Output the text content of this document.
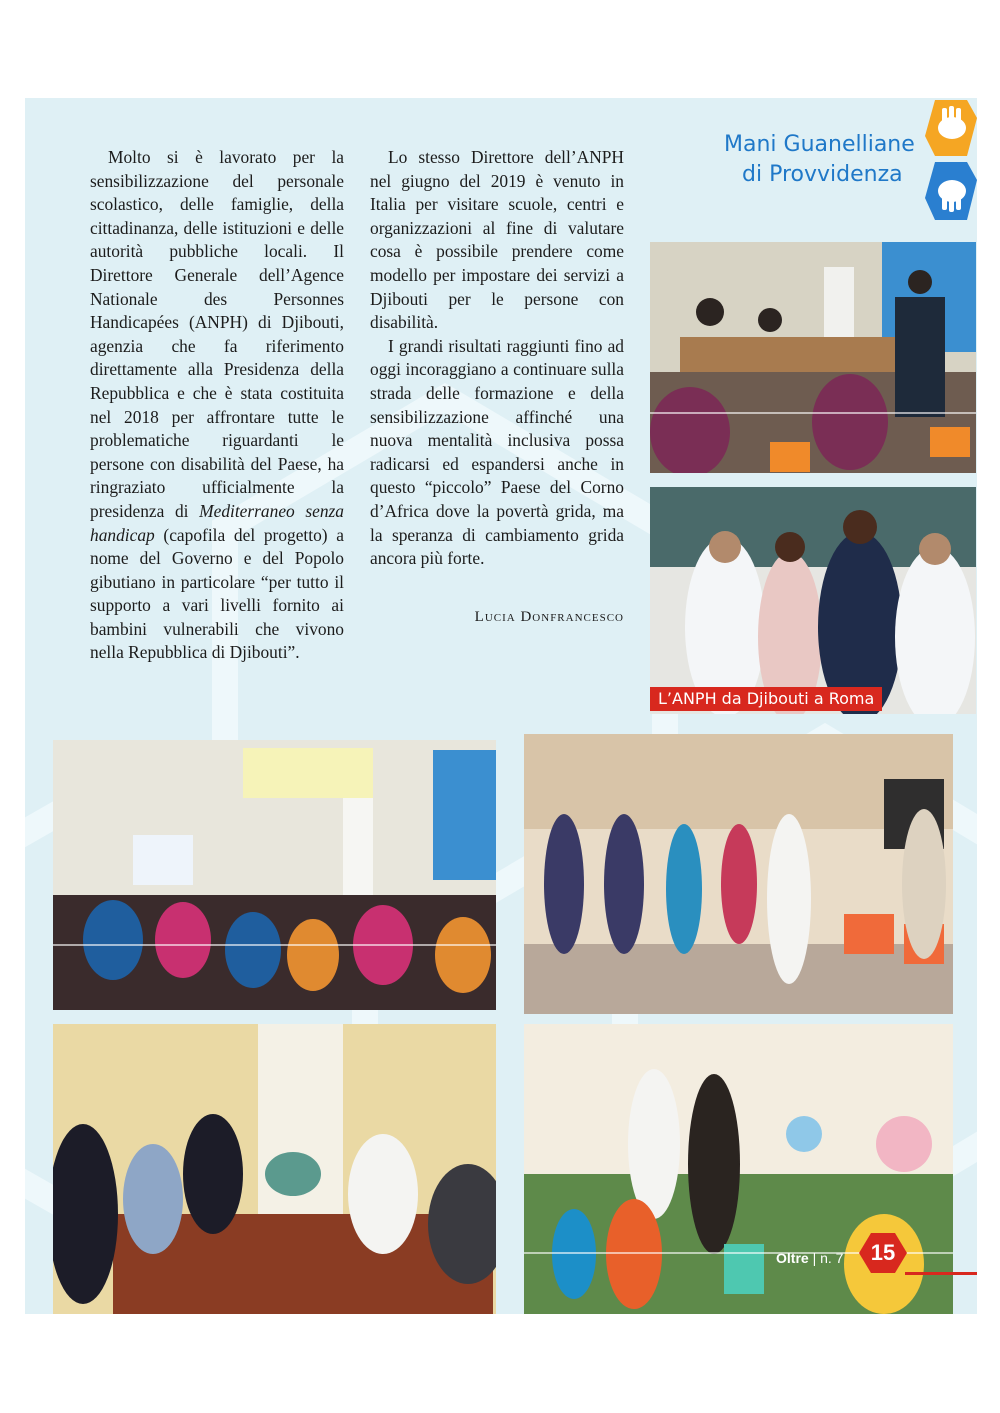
Mani Guanelliane
di Provvidenza

Molto si è lavorato per la sensibilizzazione del personale scolastico, delle famiglie, della cittadinanza, delle istituzioni e delle autorità pubbliche locali. Il Direttore Generale dell’Agence Nationale des Personnes Handicapées (ANPH) di Djibouti, agenzia che fa riferimento direttamente alla Presidenza della Repubblica e che è stata costituita nel 2018 per affrontare tutte le problematiche riguardanti le persone con disabilità del Paese, ha ringraziato ufficialmente la presidenza di Mediterraneo senza handicap (capofila del progetto) a nome del Governo e del Popolo gibutiano in particolare “per tutto il supporto a vari livelli fornito ai bambini vulnerabili che vivono nella Repubblica di Djibouti”.

Lo stesso Direttore dell’ANPH nel giugno del 2019 è venuto in Italia per visitare scuole, centri e organizzazioni al fine di valutare cosa è possibile prendere come modello per impostare dei servizi a Djibouti per le persone con disabilità.

I grandi risultati raggiunti fino ad oggi incoraggiano a continuare sulla strada delle formazione e della sensibilizzazione affinché una nuova mentalità inclusiva possa radicarsi ed espandersi anche in questo “piccolo” Paese del Corno d’Africa dove la povertà grida, ma la speranza di cambiamento grida ancora più forte.

Lucia Donfrancesco
L’ANPH da Djibouti a Roma
Oltre | n. 7	15
